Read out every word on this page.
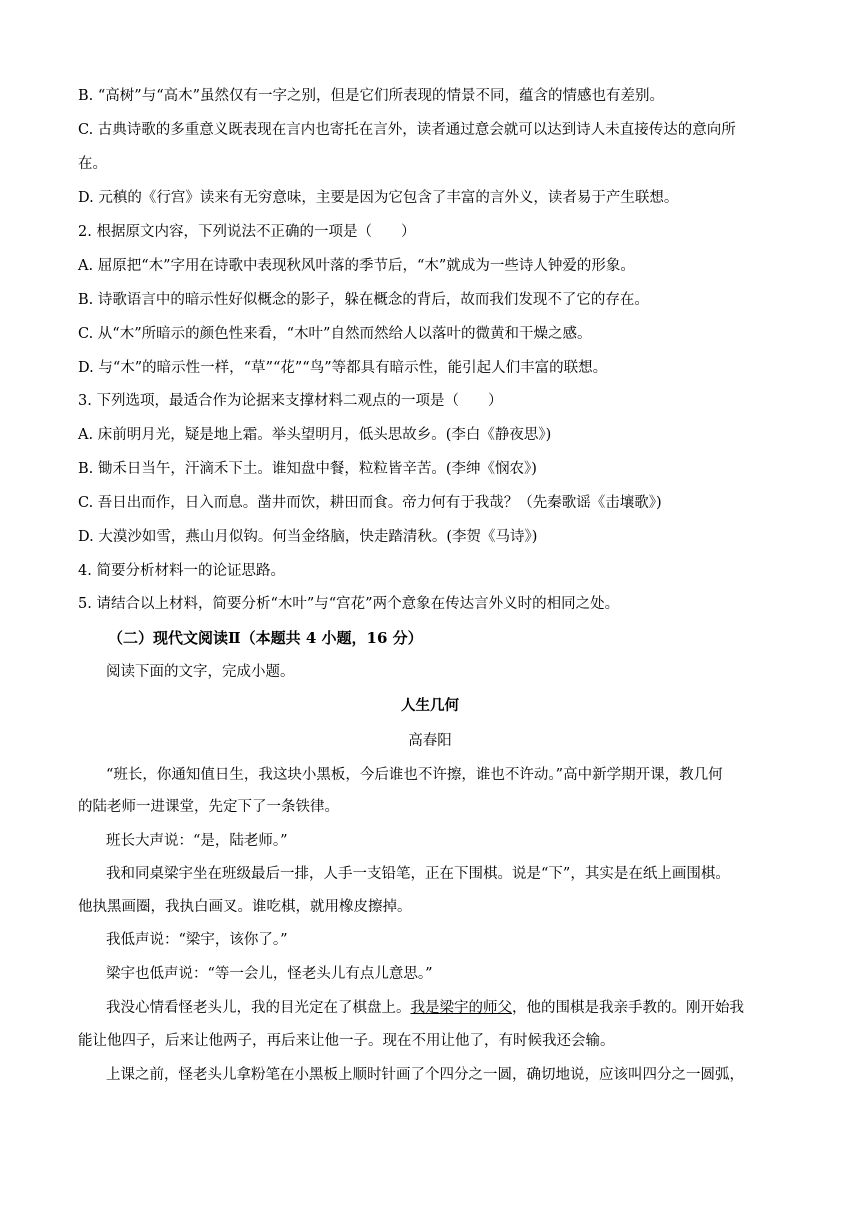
B. “高树”与“高木”虽然仅有一字之别，但是它们所表现的情景不同，蕴含的情感也有差别。
C. 古典诗歌的多重意义既表现在言内也寄托在言外，读者通过意会就可以达到诗人未直接传达的意向所
在。
D. 元稹的《行宫》读来有无穷意味，主要是因为它包含了丰富的言外义，读者易于产生联想。
2. 根据原文内容，下列说法不正确的一项是（　　）
A. 屈原把“木”字用在诗歌中表现秋风叶落的季节后，“木”就成为一些诗人钟爱的形象。
B. 诗歌语言中的暗示性好似概念的影子，躲在概念的背后，故而我们发现不了它的存在。
C. 从“木”所暗示的颜色性来看，“木叶”自然而然给人以落叶的微黄和干燥之感。
D. 与“木”的暗示性一样，“草”“花”“鸟”等都具有暗示性，能引起人们丰富的联想。
3. 下列选项，最适合作为论据来支撑材料二观点的一项是（　　）
A. 床前明月光，疑是地上霜。举头望明月，低头思故乡。(李白《静夜思》)
B. 锄禾日当午，汗滴禾下土。谁知盘中餐，粒粒皆辛苦。(李绅《悯农》)
C. 吾日出而作，日入而息。凿井而饮，耕田而食。帝力何有于我哉？（先秦歌谣《击壤歌》)
D. 大漠沙如雪，燕山月似钩。何当金络脑，快走踏清秋。(李贺《马诗》)
4. 简要分析材料一的论证思路。
5. 请结合以上材料，简要分析“木叶”与“宫花”两个意象在传达言外义时的相同之处。
（二）现代文阅读Ⅱ（本题共 4 小题，16 分）
阅读下面的文字，完成小题。
人生几何
高春阳
“班长，你通知值日生，我这块小黑板，今后谁也不许擦，谁也不许动。”高中新学期开课，教几何
的陆老师一进课堂，先定下了一条铁律。
班长大声说：“是，陆老师。”
我和同桌梁宇坐在班级最后一排，人手一支铅笔，正在下围棋。说是“下”，其实是在纸上画围棋。
他执黑画圈，我执白画叉。谁吃棋，就用橡皮擦掉。
我低声说：“梁宇，该你了。”
梁宇也低声说：“等一会儿，怪老头儿有点儿意思。”
我没心情看怪老头儿，我的目光定在了棋盘上。我是梁宇的师父，他的围棋是我亲手教的。刚开始我
能让他四子，后来让他两子，再后来让他一子。现在不用让他了，有时候我还会输。
上课之前，怪老头儿拿粉笔在小黑板上顺时针画了个四分之一圆，确切地说，应该叫四分之一圆弧，
